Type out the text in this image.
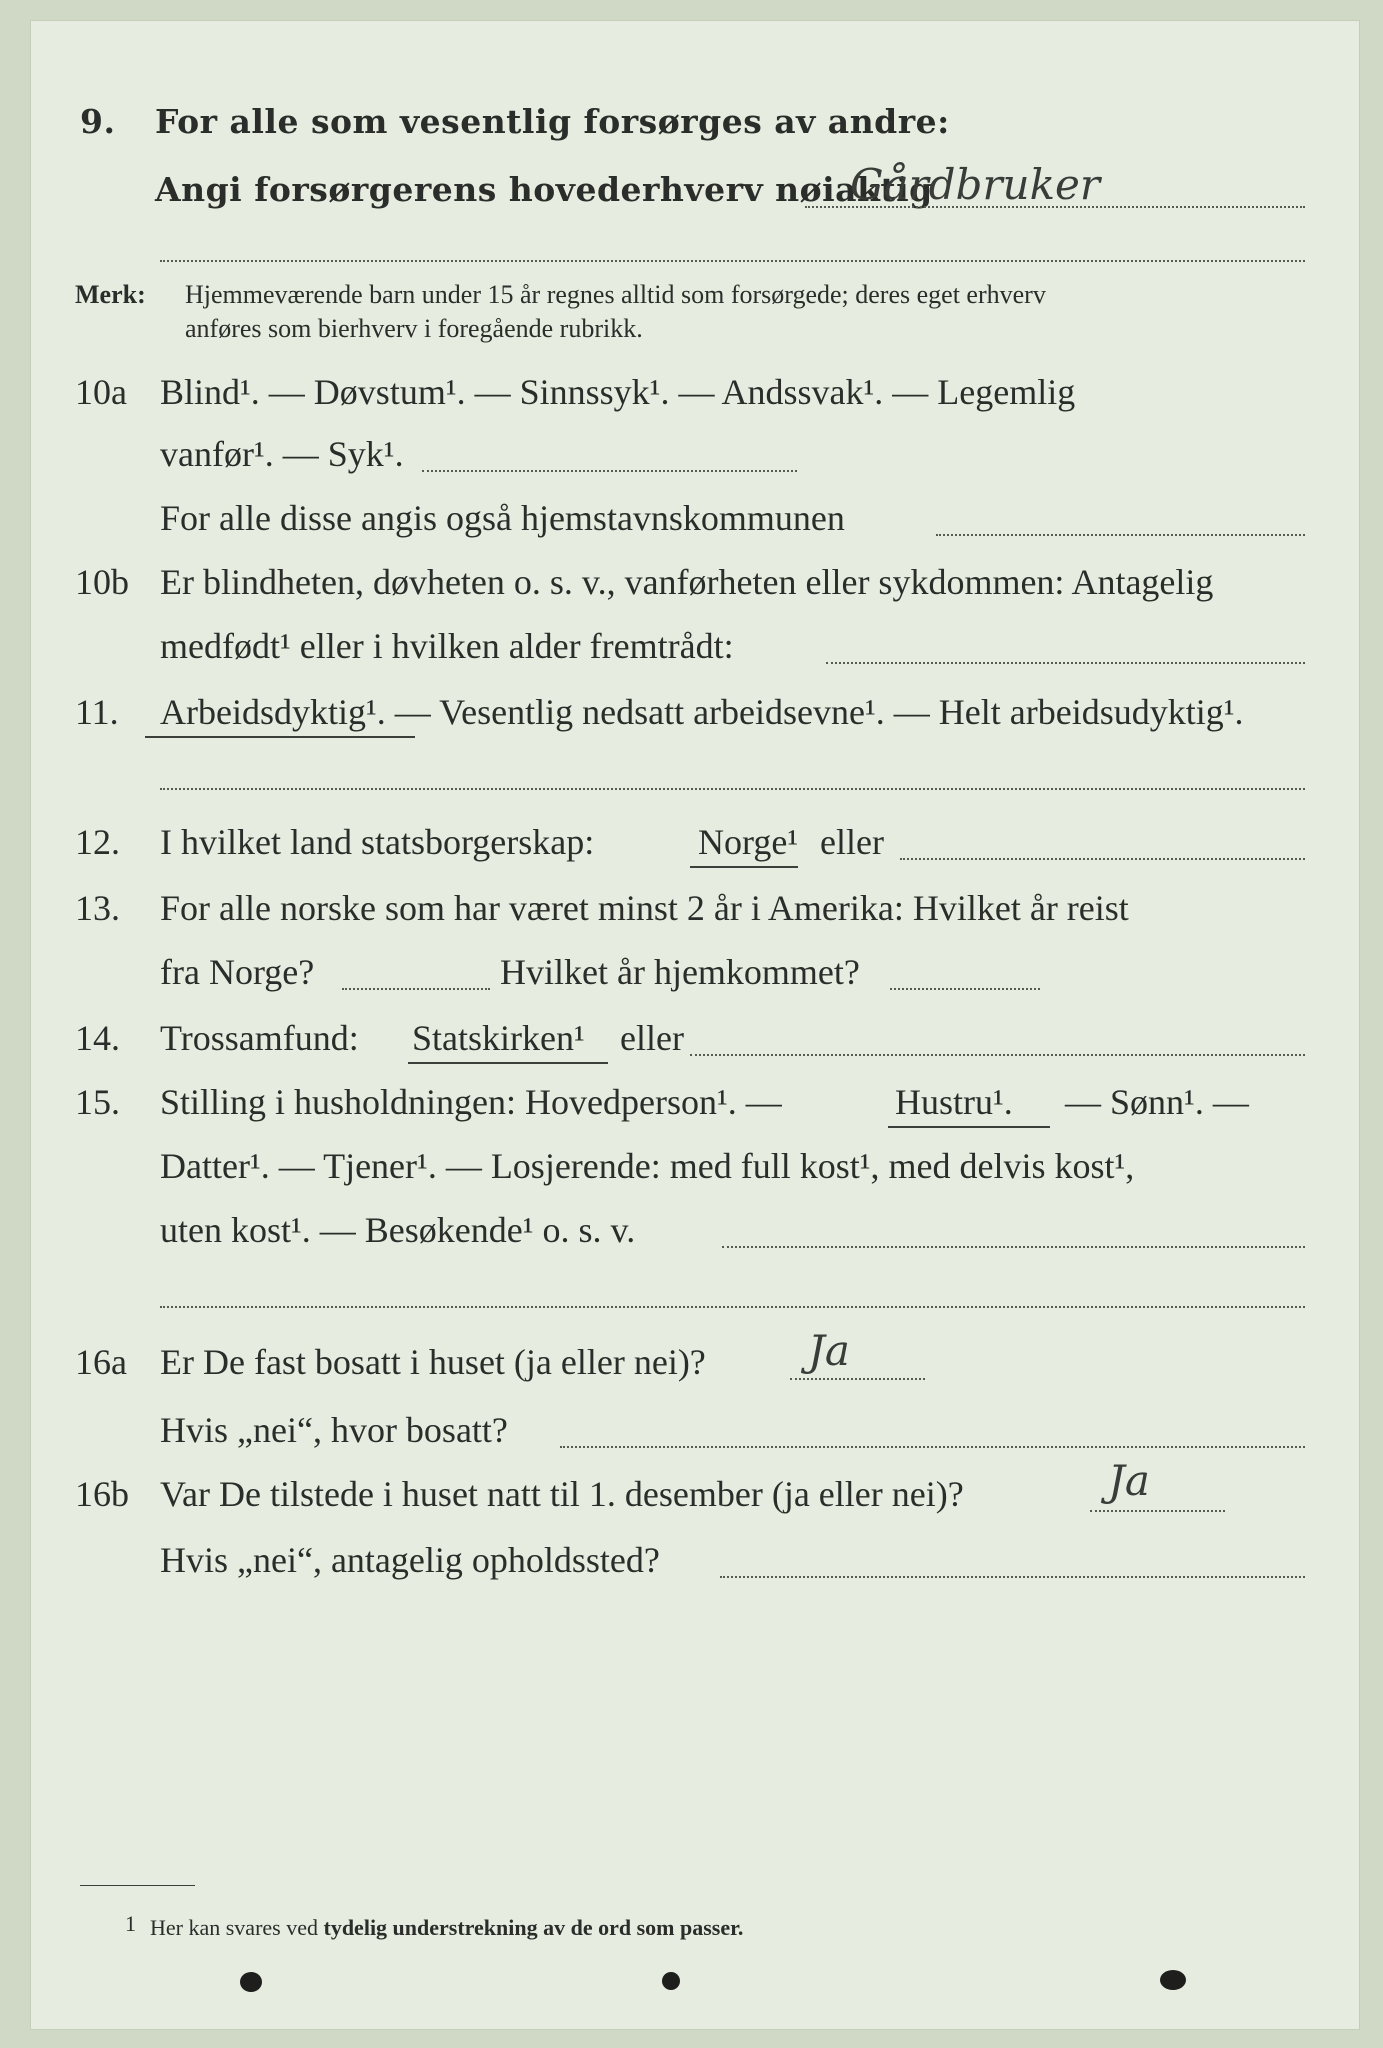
9. For alle som vesentlig forsørges av andre:
Angi forsørgerens hovederhverv nøiaktig
Gårdbruker
Merk: Hjemmeværende barn under 15 år regnes alltid som forsørgede; deres eget erhverv
anføres som bierhverv i foregående rubrikk.
10a Blind¹. — Døvstum¹. — Sinnssyk¹. — Andssvak¹. — Legemlig
vanfør¹. — Syk¹.
For alle disse angis også hjemstavnskommunen
10b Er blindheten, døvheten o. s. v., vanførheten eller sykdommen: Antagelig
medfødt¹ eller i hvilken alder fremtrådt:
11. Arbeidsdyktig¹. — Vesentlig nedsatt arbeidsevne¹. — Helt arbeidsudyktig¹.
12. I hvilket land statsborgerskap:	Norge¹ eller
13. For alle norske som har været minst 2 år i Amerika: Hvilket år reist
fra Norge?	Hvilket år hjemkommet?
14. Trossamfund: Statskirken¹ eller
15. Stilling i husholdningen: Hovedperson¹. —	Hustru¹. — Sønn¹. —
Datter¹. — Tjener¹. — Losjerende: med full kost¹, med delvis kost¹,
uten kost¹. — Besøkende¹ o. s. v.
16a Er De fast bosatt i huset (ja eller nei)? Ja
Hvis „nei“, hvor bosatt?
16b Var De tilstede i huset natt til 1. desember (ja eller nei)?	Ja
Hvis „nei“, antagelig opholdssted?
1 Her kan svares ved tydelig understrekning av de ord som passer.
